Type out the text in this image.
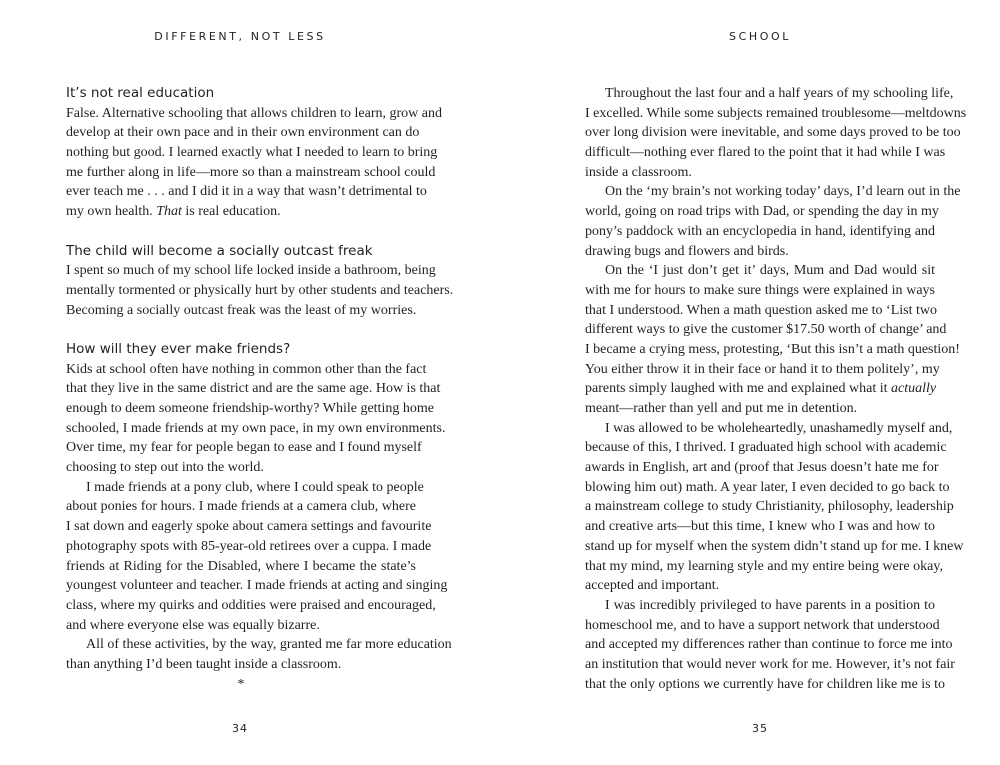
DIFFERENT, NOT LESS
It’s not real education
False. Alternative schooling that allows children to learn, grow and
develop at their own pace and in their own environment can do
nothing but good. I learned exactly what I needed to learn to bring
me further along in life—more so than a mainstream school could
ever teach me . . . and I did it in a way that wasn’t detrimental to
my own health. That is real education.
The child will become a socially outcast freak
I spent so much of my school life locked inside a bathroom, being
mentally tormented or physically hurt by other students and teachers.
Becoming a socially outcast freak was the least of my worries.
How will they ever make friends?
Kids at school often have nothing in common other than the fact
that they live in the same district and are the same age. How is that
enough to deem someone friendship-worthy? While getting home
schooled, I made friends at my own pace, in my own environments.
Over time, my fear for people began to ease and I found myself
choosing to step out into the world.
I made friends at a pony club, where I could speak to people
about ponies for hours. I made friends at a camera club, where
I sat down and eagerly spoke about camera settings and favourite
photography spots with 85-year-old retirees over a cuppa. I made
friends at Riding for the Disabled, where I became the state’s
youngest volunteer and teacher. I made friends at acting and singing
class, where my quirks and oddities were praised and encouraged,
and where everyone else was equally bizarre.
All of these activities, by the way, granted me far more education
than anything I’d been taught inside a classroom.
*
34
SCHOOL
Throughout the last four and a half years of my schooling life,
I excelled. While some subjects remained troublesome—meltdowns
over long division were inevitable, and some days proved to be too
difficult—nothing ever flared to the point that it had while I was
inside a classroom.
On the ‘my brain’s not working today’ days, I’d learn out in the
world, going on road trips with Dad, or spending the day in my
pony’s paddock with an encyclopedia in hand, identifying and
drawing bugs and flowers and birds.
On the ‘I just don’t get it’ days, Mum and Dad would sit
with me for hours to make sure things were explained in ways
that I understood. When a math question asked me to ‘List two
different ways to give the customer $17.50 worth of change’ and
I became a crying mess, protesting, ‘But this isn’t a math question!
You either throw it in their face or hand it to them politely’, my
parents simply laughed with me and explained what it actually
meant—rather than yell and put me in detention.
I was allowed to be wholeheartedly, unashamedly myself and,
because of this, I thrived. I graduated high school with academic
awards in English, art and (proof that Jesus doesn’t hate me for
blowing him out) math. A year later, I even decided to go back to
a mainstream college to study Christianity, philosophy, leadership
and creative arts—but this time, I knew who I was and how to
stand up for myself when the system didn’t stand up for me. I knew
that my mind, my learning style and my entire being were okay,
accepted and important.
I was incredibly privileged to have parents in a position to
homeschool me, and to have a support network that understood
and accepted my differences rather than continue to force me into
an institution that would never work for me. However, it’s not fair
that the only options we currently have for children like me is to
35
